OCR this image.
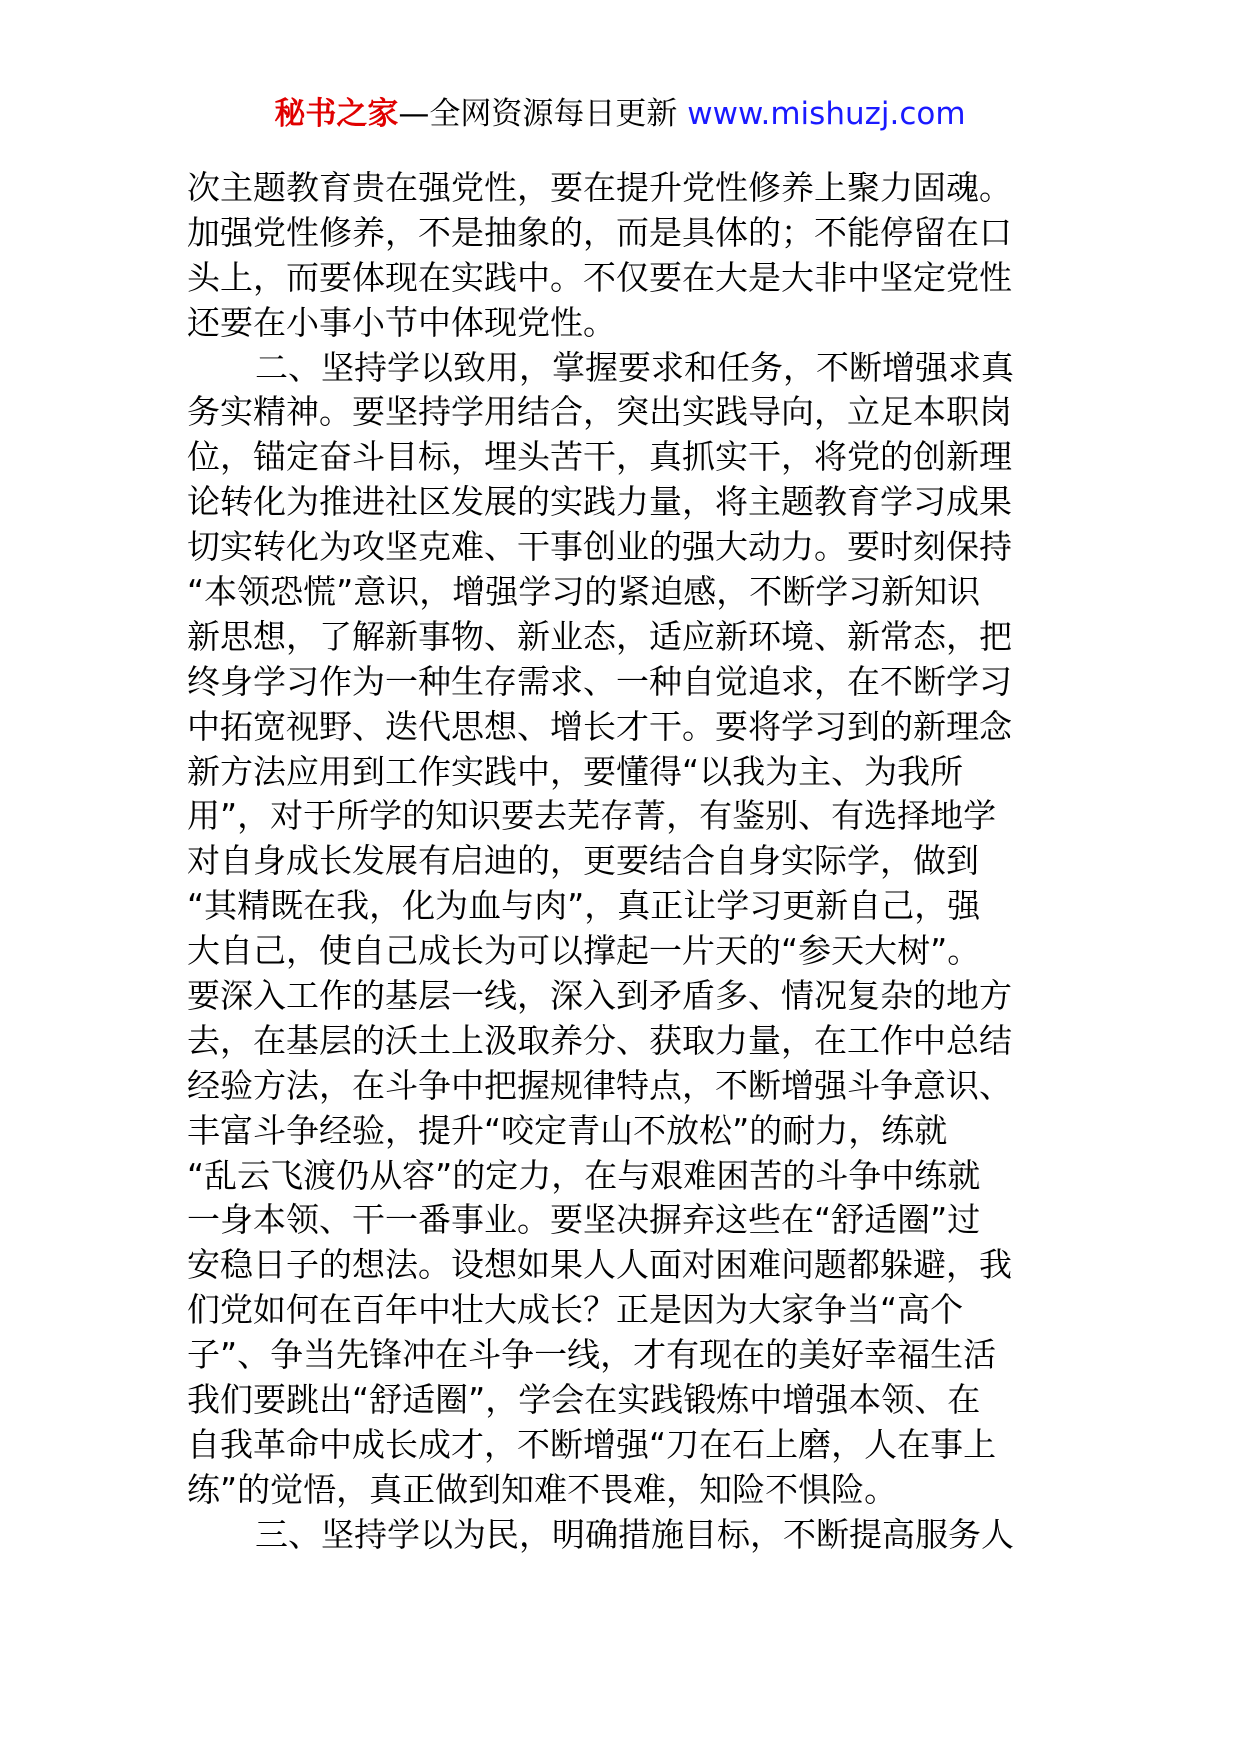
秘书之家—全网资源每日更新 www.mishuzj.com
次主题教育贵在强党性，要在提升党性修养上聚力固魂。
加强党性修养，不是抽象的，而是具体的；不能停留在口
头上，而要体现在实践中。不仅要在大是大非中坚定党性
还要在小事小节中体现党性。
二、坚持学以致用，掌握要求和任务，不断增强求真
务实精神。要坚持学用结合，突出实践导向，立足本职岗
位，锚定奋斗目标，埋头苦干，真抓实干，将党的创新理
论转化为推进社区发展的实践力量，将主题教育学习成果
切实转化为攻坚克难、干事创业的强大动力。要时刻保持
“本领恐慌”意识，增强学习的紧迫感，不断学习新知识
新思想，了解新事物、新业态，适应新环境、新常态，把
终身学习作为一种生存需求、一种自觉追求，在不断学习
中拓宽视野、迭代思想、增长才干。要将学习到的新理念
新方法应用到工作实践中，要懂得“以我为主、为我所
用”，对于所学的知识要去芜存菁，有鉴别、有选择地学
对自身成长发展有启迪的，更要结合自身实际学，做到
“其精既在我，化为血与肉”，真正让学习更新自己，强
大自己，使自己成长为可以撑起一片天的“参天大树”。
要深入工作的基层一线，深入到矛盾多、情况复杂的地方
去，在基层的沃土上汲取养分、获取力量，在工作中总结
经验方法，在斗争中把握规律特点，不断增强斗争意识、
丰富斗争经验，提升“咬定青山不放松”的耐力，练就
“乱云飞渡仍从容”的定力，在与艰难困苦的斗争中练就
一身本领、干一番事业。要坚决摒弃这些在“舒适圈”过
安稳日子的想法。设想如果人人面对困难问题都躲避，我
们党如何在百年中壮大成长？正是因为大家争当“高个
子”、争当先锋冲在斗争一线，才有现在的美好幸福生活
我们要跳出“舒适圈”，学会在实践锻炼中增强本领、在
自我革命中成长成才，不断增强“刀在石上磨，人在事上
练”的觉悟，真正做到知难不畏难，知险不惧险。
三、坚持学以为民，明确措施目标，不断提高服务人
